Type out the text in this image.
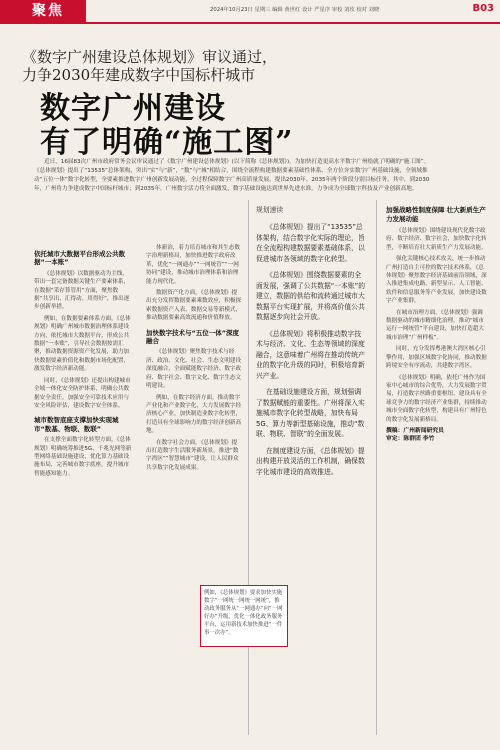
聚焦	2024年10月23日 星期三 编辑 黄世红 设计 严星序 审校 刘玫 校对 刘晓	B03
《数字广州建设总体规划》审议通过，
力争2030年建成数字中国标杆城市
数字广州建设
有了明确“施工图”
近日，16届83次广州市政府常务会议审议通过了《数字广州建设总体规划》(以下简称《总体规划》)，为加快打造更高水平数字广州绘就了明确的“施工图”。《总体规划》提出了“13535”总体架构，突出“实”与“新”，“数”与“城”相结合，围绕全流程构建数据要素基础性体系、全方位夯实数字广州基础设施，全领域推动“五位一体”数字化转型，全要素推进数字广州创新发展动能，全过程保障数字广州高质量发展，提出2030年、2035年两个阶段分别目标任务。其中，到2030年，广州将力争建成数字中国标杆城市；到2035年，广州数字活力将全面激发，数字基础设施达到世界先进水准，力争成为全球数字科技及产业创新高地。
依托城市大数据平台形成公共数据“一本账”

《总体规划》以数据驱动为主线，带出一套完备数据关键生产要素体系，在数据“采存算管用”方面，聚焦数据“共享出、汇得动、用得好”，推出逐步创新举措。

例如，在数据要素体系方面，《总体规划》明确广州城市数据治理体系建设方向，依托城市大数据平台，形成公共数据“一本账”，引导社会数据按需汇聚，推动数据资源资产化发展，助力加快数据要素价值化和数据市场化配置，激发数字经济新动能。

同时，《总体规划》还提出构建城市全域一体化安全防护体系，明确公共数据安全责任，加强安全可靠技术应用与安全风险评估，建设数字安全体系。

城市数智底座支撑加快实现城市“数基、物联、数联”

在支撑全面数字化转型方面，《总体规划》明确统筹推进5G、千兆光网等新型网络基础设施建设，优化算力基础设施布局，完善城市数字底座，提升城市智能感知能力。

体新治，着力培育城市和其生态数字治理新格局，加快推进数字政府改革，优化“一网通办”“一网统管”“一网协同”建设，推动城市治理体系和治理能力现代化。

数据资产化方面，《总体规划》提出充分发挥数据要素乘数效应，积极探索数据资产入表、数据交易等新模式，推动数据要素高效流通和价值释放。

加快数字技术与“五位一体”深度融合

《总体规划》聚焦数字技术与经济、政治、文化、社会、生态文明建设深度融合，全面赋能数字经济、数字政府、数字社会、数字文化、数字生态文明建设。

例如，在数字经济方面，推动数字产业化和产业数字化，大力发展数字经济核心产业，加快制造业数字化转型，打造具有全球影响力的数字经济创新高地。

在数字社会方面，《总体规划》提出打造数字生活服务新场景，推进“数字湾区”“智慧城市”建设，让人民群众共享数字化发展成果。

规划速读

《总体规划》提出了“13535”总体架构，结合数字化实际的理论，旨在全流程构建数据要素基础体系，以促进城市各领域的数字化转型。

《总体规划》围绕数据要素的全面发展，强调了公共数据“一本账”的建立，数据的供给和流转通过城市大数据平台实现扩展，并将高价值公共数据逐步向社会开放。

《总体规划》将积极推动数字技术与经济、文化、生态等领域的深度融合，这意味着广州将在推动传统产业的数字化升级的同时，积极培育新兴产业。

在基础设施建设方面，规划强调了数据赋能的重要性。广州将深入实施城市数字化转型战略，加快布局5G、算力等新型基础设施，推动“数联、物联、智联”的全面发展。

在制度建设方面，《总体规划》提出构建开放灵活的工作机制，确保数字化城市建设的高效推进。

加强战略性制度保障 壮大新质生产力发展动能

《总体规划》围绕建设现代化数字政府、数字经济、数字社会，加快数字化转型，不断培育壮大新质生产力发展动能。

强化关键核心技术攻关，统一步推动广州打造自主可控的数字技术体系，《总体规划》聚焦数字经济基础前沿领域，深入推进集成电路、新型显示、人工智能、软件和信息服务等产业发展，加快建设数字产业集群。

在城市治理方面，《总体规划》强调数据驱动的城市精细化治理，推动“城市运行一网统管”平台建设，加快打造超大城市治理“广州样板”。

同时，充分发挥粤港澳大湾区核心引擎作用，加强区域数字化协同，推动数据跨境安全有序流动，共建数字湾区。

《总体规划》明确，依托广州作为国家中心城市的综合优势，大力发展数字贸易，打造数字丝路重要枢纽，建设具有全球竞争力的数字经济产业集群，持续推动城市全面数字化转型，构建具有广州特色的数字化发展新格局。

撰稿：广州新闻研究员
审定：陈群团 李竹
例如，《总体规划》要求加快实施数字“一网统一网统一网统”，推动政务服务从“一网通办”向“一网好办”升级，优化一体化政务服务平台，运用新技术加快推进“一件事一次办”。
